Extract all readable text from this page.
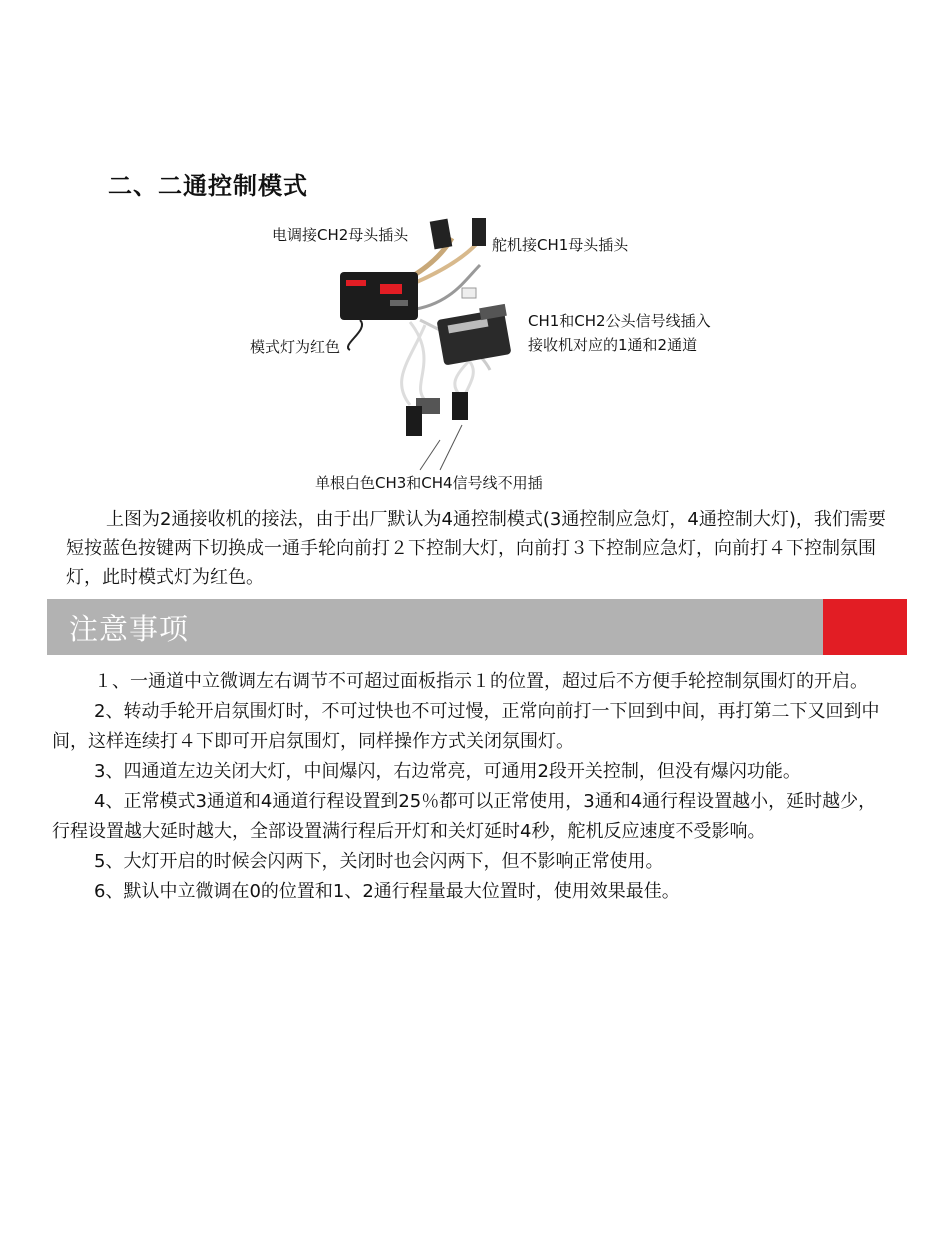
二、二通控制模式
电调接CH2母头插头
舵机接CH1母头插头
CH1和CH2公头信号线插入
接收机对应的1通和2通道
模式灯为红色
单根白色CH3和CH4信号线不用插
上图为2通接收机的接法，由于出厂默认为4通控制模式(3通控制应急灯，4通控制大灯)，我们需要短按蓝色按键两下切换成一通手轮向前打２下控制大灯，向前打３下控制应急灯，向前打４下控制氛围灯，此时模式灯为红色。
注意事项

１、一通道中立微调左右调节不可超过面板指示１的位置，超过后不方便手轮控制氛围灯的开启。

2、转动手轮开启氛围灯时，不可过快也不可过慢，正常向前打一下回到中间，再打第二下又回到中间，这样连续打４下即可开启氛围灯，同样操作方式关闭氛围灯。

3、四通道左边关闭大灯，中间爆闪，右边常亮，可通用2段开关控制，但没有爆闪功能。

4、正常模式3通道和4通道行程设置到25％都可以正常使用，3通和4通行程设置越小，延时越少，行程设置越大延时越大，全部设置满行程后开灯和关灯延时4秒，舵机反应速度不受影响。

5、大灯开启的时候会闪两下，关闭时也会闪两下，但不影响正常使用。

6、默认中立微调在0的位置和1、2通行程量最大位置时，使用效果最佳。
